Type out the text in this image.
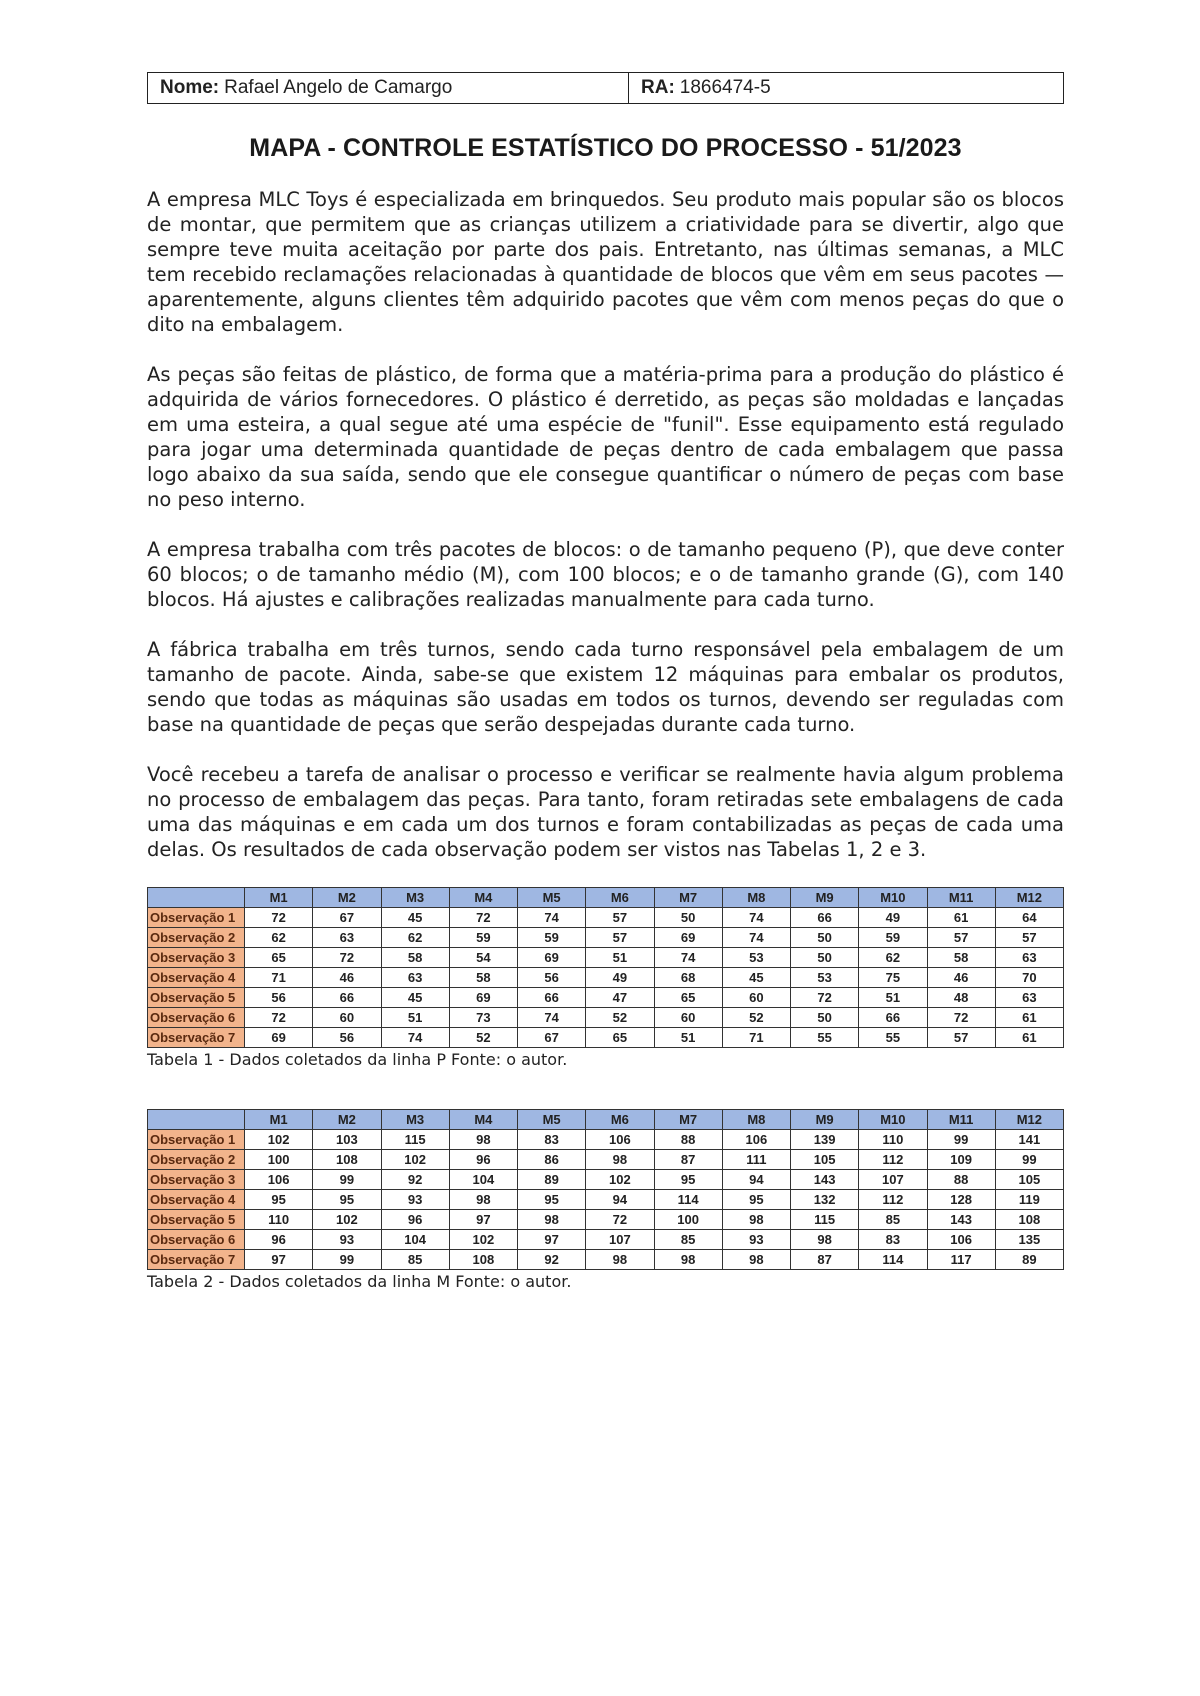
Nome: Rafael Angelo de Camargo	RA: 1866474-5
MAPA - CONTROLE ESTATÍSTICO DO PROCESSO - 51/2023

A empresa MLC Toys é especializada em brinquedos. Seu produto mais popular são os blocos de montar, que permitem que as crianças utilizem a criatividade para se divertir, algo que sempre teve muita aceitação por parte dos pais. Entretanto, nas últimas semanas, a MLC tem recebido reclamações relacionadas à quantidade de blocos que vêm em seus pacotes — aparentemente, alguns clientes têm adquirido pacotes que vêm com menos peças do que o dito na embalagem.

As peças são feitas de plástico, de forma que a matéria-prima para a produção do plástico é adquirida de vários fornecedores. O plástico é derretido, as peças são moldadas e lançadas em uma esteira, a qual segue até uma espécie de "funil". Esse equipamento está regulado para jogar uma determinada quantidade de peças dentro de cada embalagem que passa logo abaixo da sua saída, sendo que ele consegue quantificar o número de peças com base no peso interno.

A empresa trabalha com três pacotes de blocos: o de tamanho pequeno (P), que deve conter 60 blocos; o de tamanho médio (M), com 100 blocos; e o de tamanho grande (G), com 140 blocos. Há ajustes e calibrações realizadas manualmente para cada turno.

A fábrica trabalha em três turnos, sendo cada turno responsável pela embalagem de um tamanho de pacote. Ainda, sabe-se que existem 12 máquinas para embalar os produtos, sendo que todas as máquinas são usadas em todos os turnos, devendo ser reguladas com base na quantidade de peças que serão despejadas durante cada turno.

Você recebeu a tarefa de analisar o processo e verificar se realmente havia algum problema no processo de embalagem das peças. Para tanto, foram retiradas sete embalagens de cada uma das máquinas e em cada um dos turnos e foram contabilizadas as peças de cada uma delas. Os resultados de cada observação podem ser vistos nas Tabelas 1, 2 e 3.

	M1	M2	M3	M4	M5	M6	M7	M8	M9	M10	M11	M12
Observação 1	72	67	45	72	74	57	50	74	66	49	61	64
Observação 2	62	63	62	59	59	57	69	74	50	59	57	57
Observação 3	65	72	58	54	69	51	74	53	50	62	58	63
Observação 4	71	46	63	58	56	49	68	45	53	75	46	70
Observação 5	56	66	45	69	66	47	65	60	72	51	48	63
Observação 6	72	60	51	73	74	52	60	52	50	66	72	61
Observação 7	69	56	74	52	67	65	51	71	55	55	57	61
Tabela 1 - Dados coletados da linha P Fonte: o autor.
	M1	M2	M3	M4	M5	M6	M7	M8	M9	M10	M11	M12
Observação 1	102	103	115	98	83	106	88	106	139	110	99	141
Observação 2	100	108	102	96	86	98	87	111	105	112	109	99
Observação 3	106	99	92	104	89	102	95	94	143	107	88	105
Observação 4	95	95	93	98	95	94	114	95	132	112	128	119
Observação 5	110	102	96	97	98	72	100	98	115	85	143	108
Observação 6	96	93	104	102	97	107	85	93	98	83	106	135
Observação 7	97	99	85	108	92	98	98	98	87	114	117	89
Tabela 2 - Dados coletados da linha M Fonte: o autor.
